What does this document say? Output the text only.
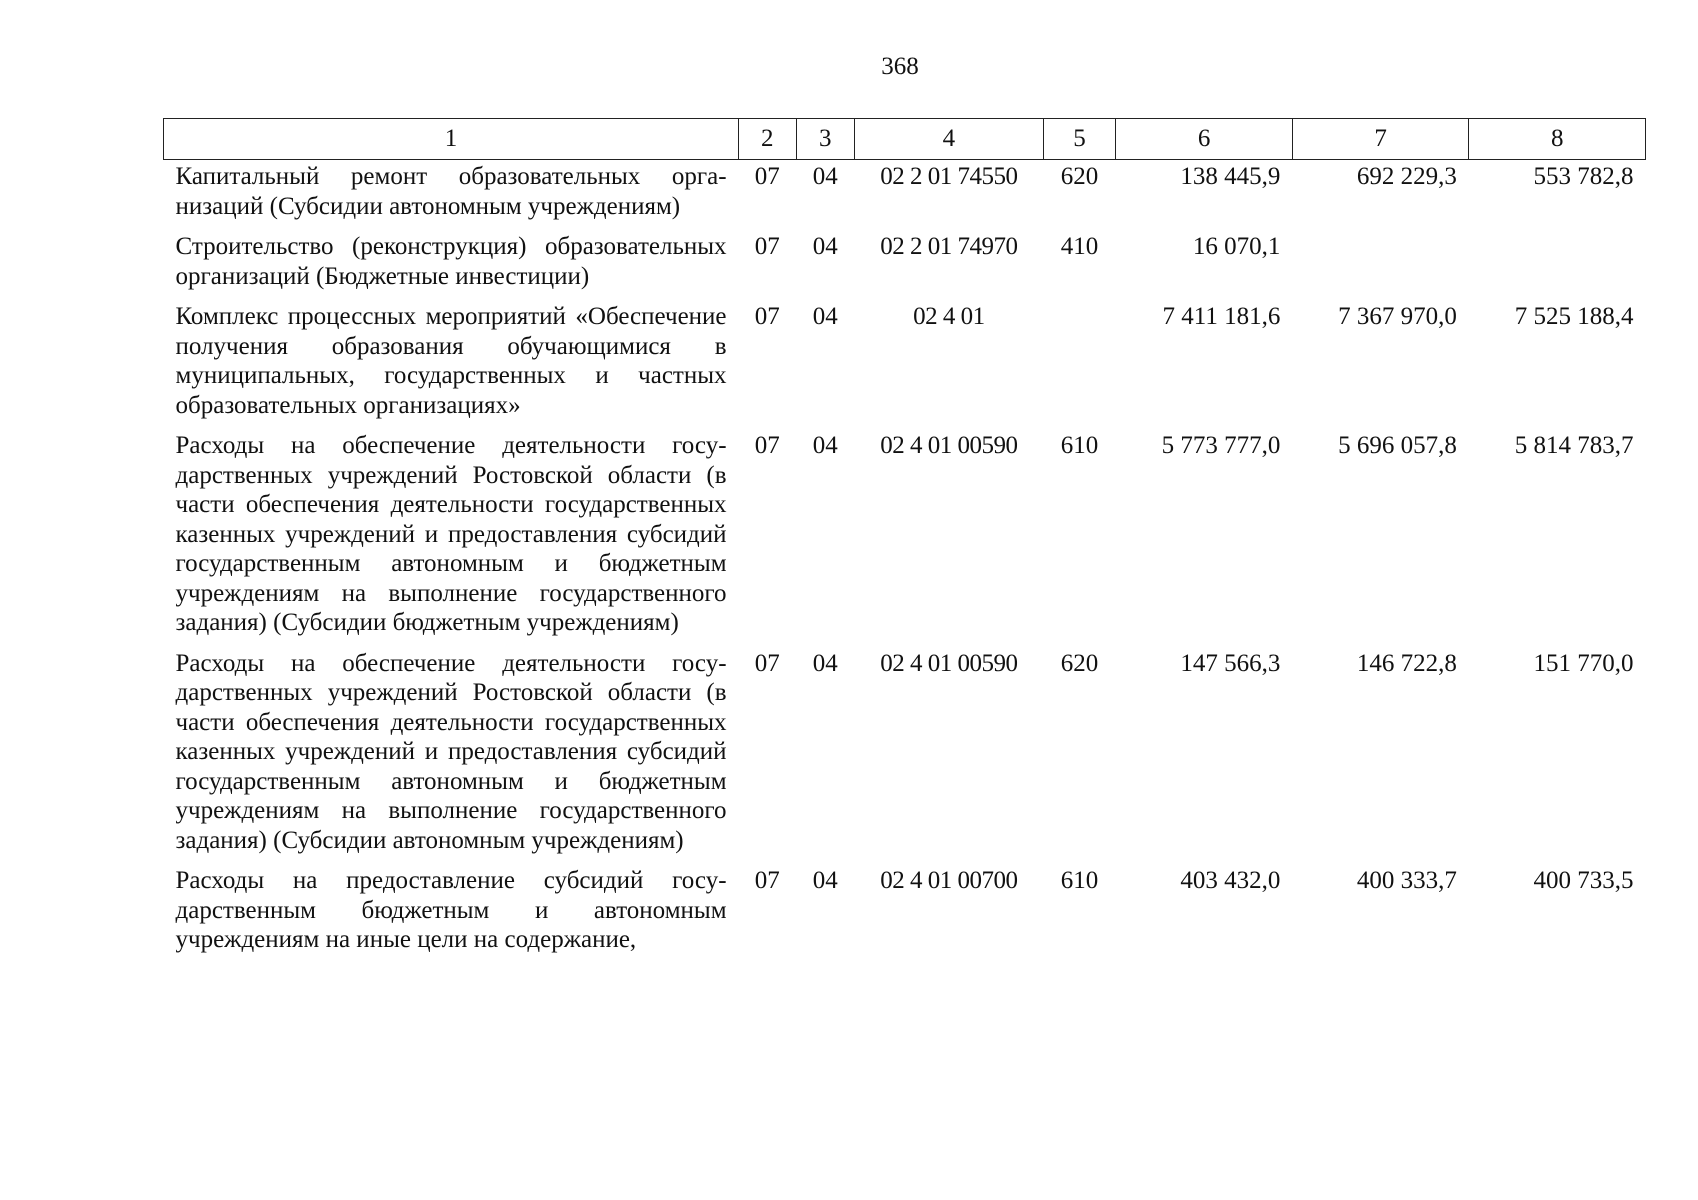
368
1	2	3	4	5	6	7	8
Капитальный ремонт образовательных организаций (Субсидии автономным учреждениям)	07	04	02 2 01 74550	620	138 445,9	692 229,3	553 782,8
Строительство (реконструкция) образовательных организаций (Бюджетные инвестиции)	07	04	02 2 01 74970	410	16 070,1		
Комплекс процессных мероприятий «Обеспечение получения образования обучающимися в муниципальных, государственных и частных образовательных организациях»	07	04	02 4 01		7 411 181,6	7 367 970,0	7 525 188,4
Расходы на обеспечение деятельности государственных учреждений Ростовской области (в части обеспечения деятельности государственных казенных учреждений и предоставления субсидий государственным автономным и бюджетным учреждениям на выполнение государственного задания) (Субсидии бюджетным учреждениям)	07	04	02 4 01 00590	610	5 773 777,0	5 696 057,8	5 814 783,7
Расходы на обеспечение деятельности государственных учреждений Ростовской области (в части обеспечения деятельности государственных казенных учреждений и предоставления субсидий государственным автономным и бюджетным учреждениям на выполнение государственного задания) (Субсидии автономным учреждениям)	07	04	02 4 01 00590	620	147 566,3	146 722,8	151 770,0
Расходы на предоставление субсидий государственным бюджетным и автономным учреждениям на иные цели на содержание,	07	04	02 4 01 00700	610	403 432,0	400 333,7	400 733,5
